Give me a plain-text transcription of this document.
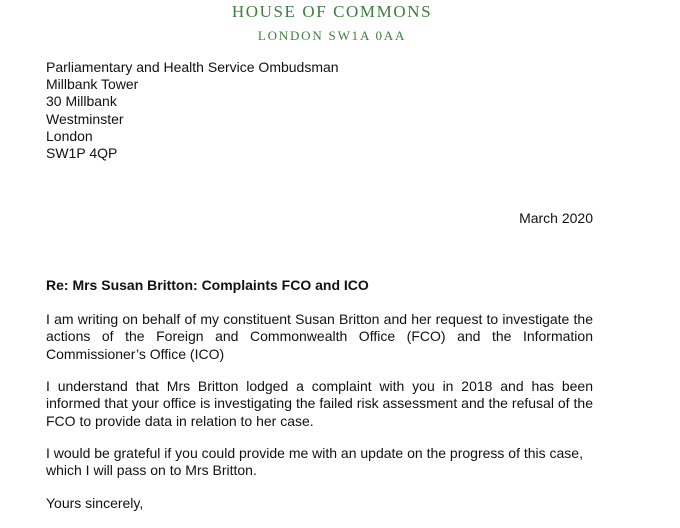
HOUSE OF COMMONS
LONDON SW1A 0AA
Parliamentary and Health Service Ombudsman
Millbank Tower
30 Millbank
Westminster
London
SW1P 4QP
March 2020
Re: Mrs Susan Britton: Complaints FCO and ICO

I am writing on behalf of my constituent Susan Britton and her request to investigate the actions of the Foreign and Commonwealth Office (FCO) and the Information Commissioner’s Office (ICO)

I understand that Mrs Britton lodged a complaint with you in 2018 and has been informed that your office is investigating the failed risk assessment and the refusal of the FCO to provide data in relation to her case.

I would be grateful if you could provide me with an update on the progress of this case, which I will pass on to Mrs Britton.

Yours sincerely,
